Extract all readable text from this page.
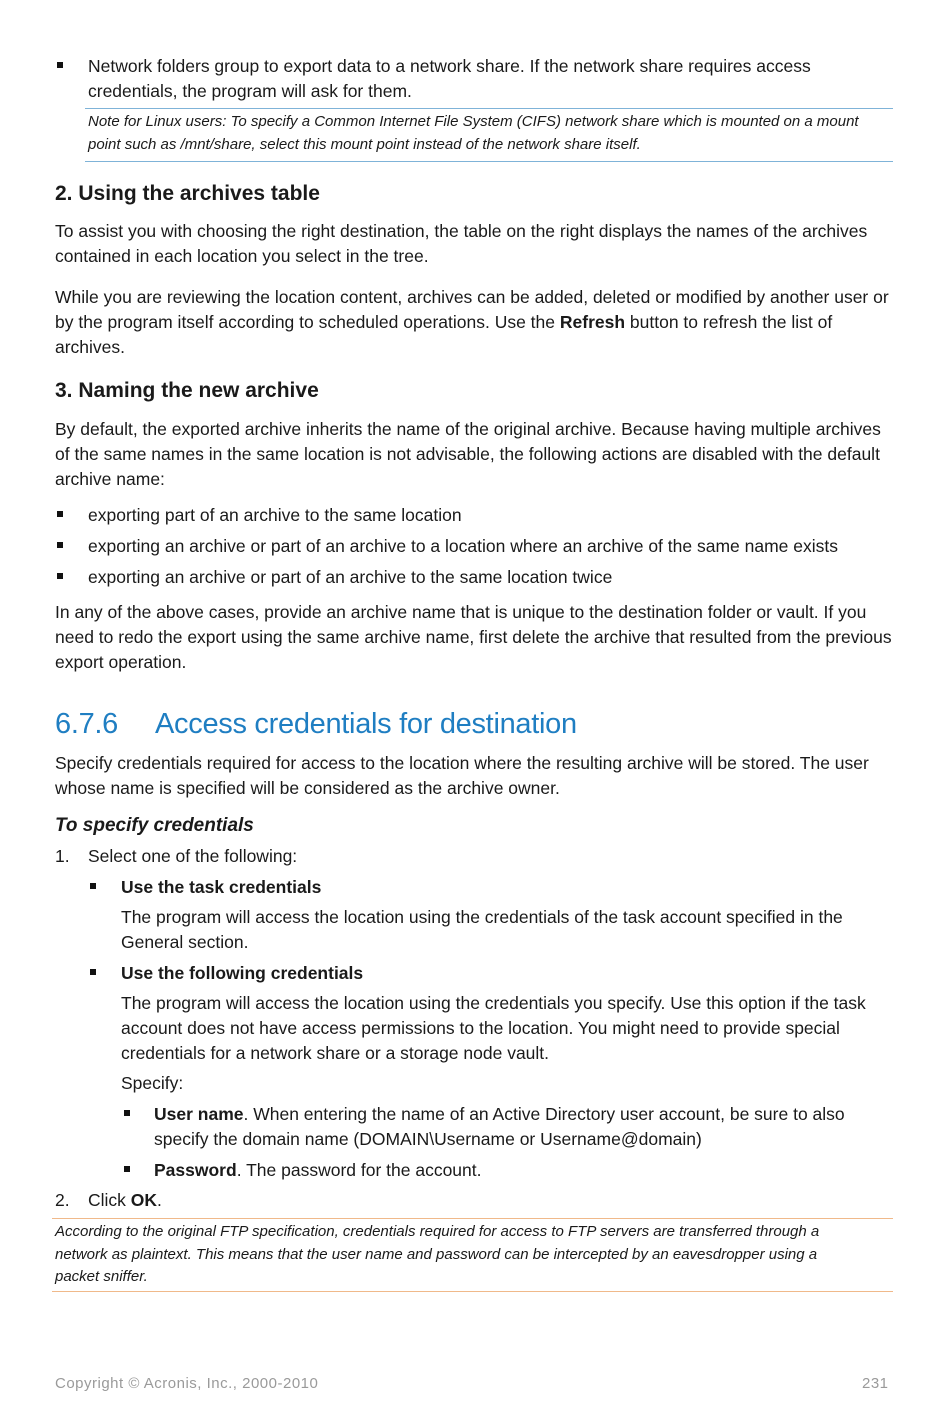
Network folders group to export data to a network share. If the network share requires access credentials, the program will ask for them.

Note for Linux users: To specify a Common Internet File System (CIFS) network share which is mounted on a mount point such as /mnt/share, select this mount point instead of the network share itself.

2. Using the archives table

To assist you with choosing the right destination, the table on the right displays the names of the archives contained in each location you select in the tree.

While you are reviewing the location content, archives can be added, deleted or modified by another user or by the program itself according to scheduled operations. Use the Refresh button to refresh the list of archives.

3. Naming the new archive

By default, the exported archive inherits the name of the original archive. Because having multiple archives of the same names in the same location is not advisable, the following actions are disabled with the default archive name:

exporting part of an archive to the same location

exporting an archive or part of an archive to a location where an archive of the same name exists

exporting an archive or part of an archive to the same location twice

In any of the above cases, provide an archive name that is unique to the destination folder or vault. If you need to redo the export using the same archive name, first delete the archive that resulted from the previous export operation.

6.7.6 Access credentials for destination

Specify credentials required for access to the location where the resulting archive will be stored. The user whose name is specified will be considered as the archive owner.

To specify credentials
1. Select one of the following:

Use the task credentials

The program will access the location using the credentials of the task account specified in the General section.

Use the following credentials

The program will access the location using the credentials you specify. Use this option if the task account does not have access permissions to the location. You might need to provide special credentials for a network share or a storage node vault.

Specify:

User name. When entering the name of an Active Directory user account, be sure to also specify the domain name (DOMAIN\Username or Username@domain)

Password. The password for the account.

2. Click OK.

According to the original FTP specification, credentials required for access to FTP servers are transferred through a network as plaintext. This means that the user name and password can be intercepted by an eavesdropper using a packet sniffer.

Copyright © Acronis, Inc., 2000-2010	231
